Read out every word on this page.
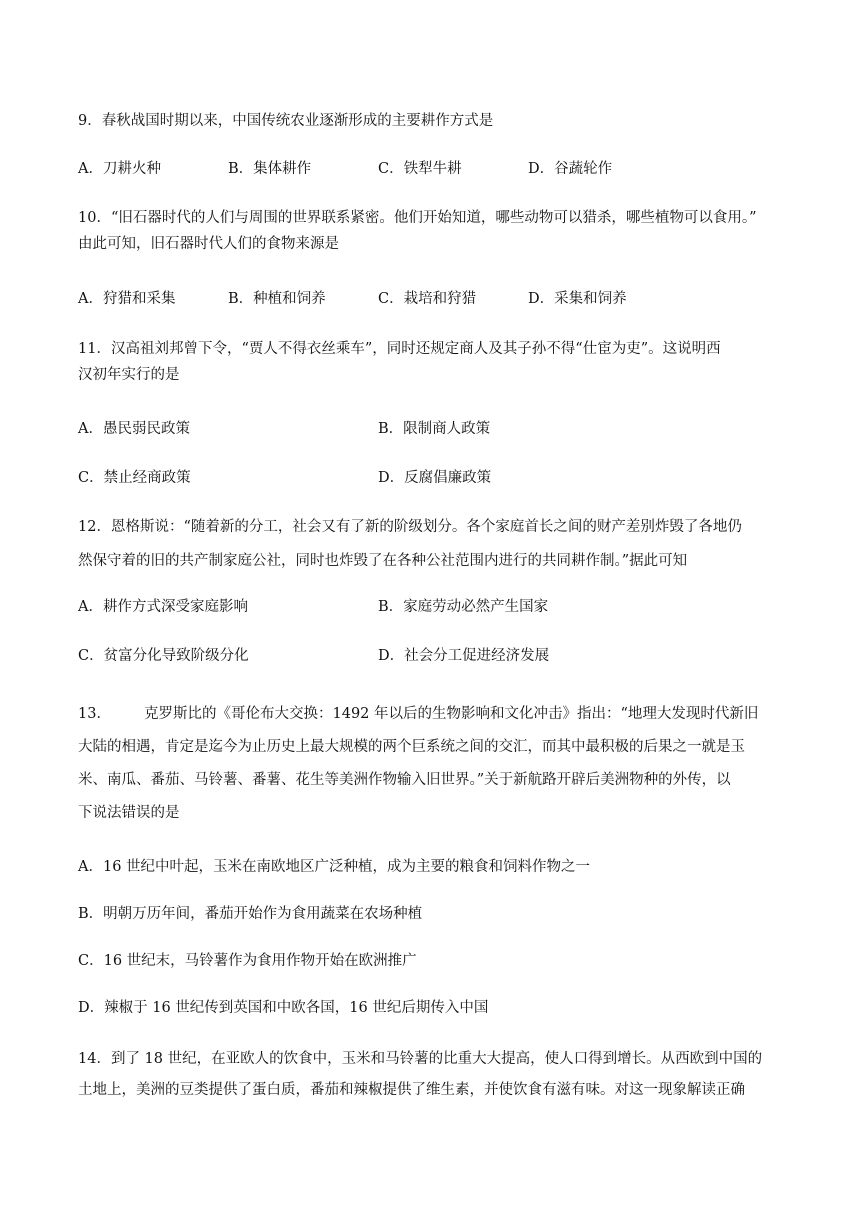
9．春秋战国时期以来，中国传统农业逐渐形成的主要耕作方式是

A．刀耕火种	B．集体耕作	C．铁犁牛耕	D．谷蔬轮作

10．“旧石器时代的人们与周围的世界联系紧密。他们开始知道，哪些动物可以猎杀，哪些植物可以食用。”
由此可知，旧石器时代人们的食物来源是

A．狩猎和采集	B．种植和饲养	C．栽培和狩猎	D．采集和饲养

11．汉高祖刘邦曾下令，“贾人不得衣丝乘车”，同时还规定商人及其子孙不得“仕宦为吏”。这说明西
汉初年实行的是

A．愚民弱民政策	B．限制商人政策
C．禁止经商政策	D．反腐倡廉政策

12．恩格斯说：“随着新的分工，社会又有了新的阶级划分。各个家庭首长之间的财产差别炸毁了各地仍
然保守着的旧的共产制家庭公社，同时也炸毁了在各种公社范围内进行的共同耕作制。”据此可知

A．耕作方式深受家庭影响	B．家庭劳动必然产生国家
C．贫富分化导致阶级分化	D．社会分工促进经济发展

13． 克罗斯比的《哥伦布大交换：1492 年以后的生物影响和文化冲击》指出：“地理大发现时代新旧
大陆的相遇，肯定是迄今为止历史上最大规模的两个巨系统之间的交汇，而其中最积极的后果之一就是玉
米、南瓜、番茄、马铃薯、番薯、花生等美洲作物输入旧世界。”关于新航路开辟后美洲物种的外传，以
下说法错误的是

A．16 世纪中叶起，玉米在南欧地区广泛种植，成为主要的粮食和饲料作物之一
B．明朝万历年间，番茄开始作为食用蔬菜在农场种植
C．16 世纪末，马铃薯作为食用作物开始在欧洲推广
D．辣椒于 16 世纪传到英国和中欧各国，16 世纪后期传入中国

14．到了 18 世纪，在亚欧人的饮食中，玉米和马铃薯的比重大大提高，使人口得到增长。从西欧到中国的
土地上，美洲的豆类提供了蛋白质，番茄和辣椒提供了维生素，并使饮食有滋有味。对这一现象解读正确
